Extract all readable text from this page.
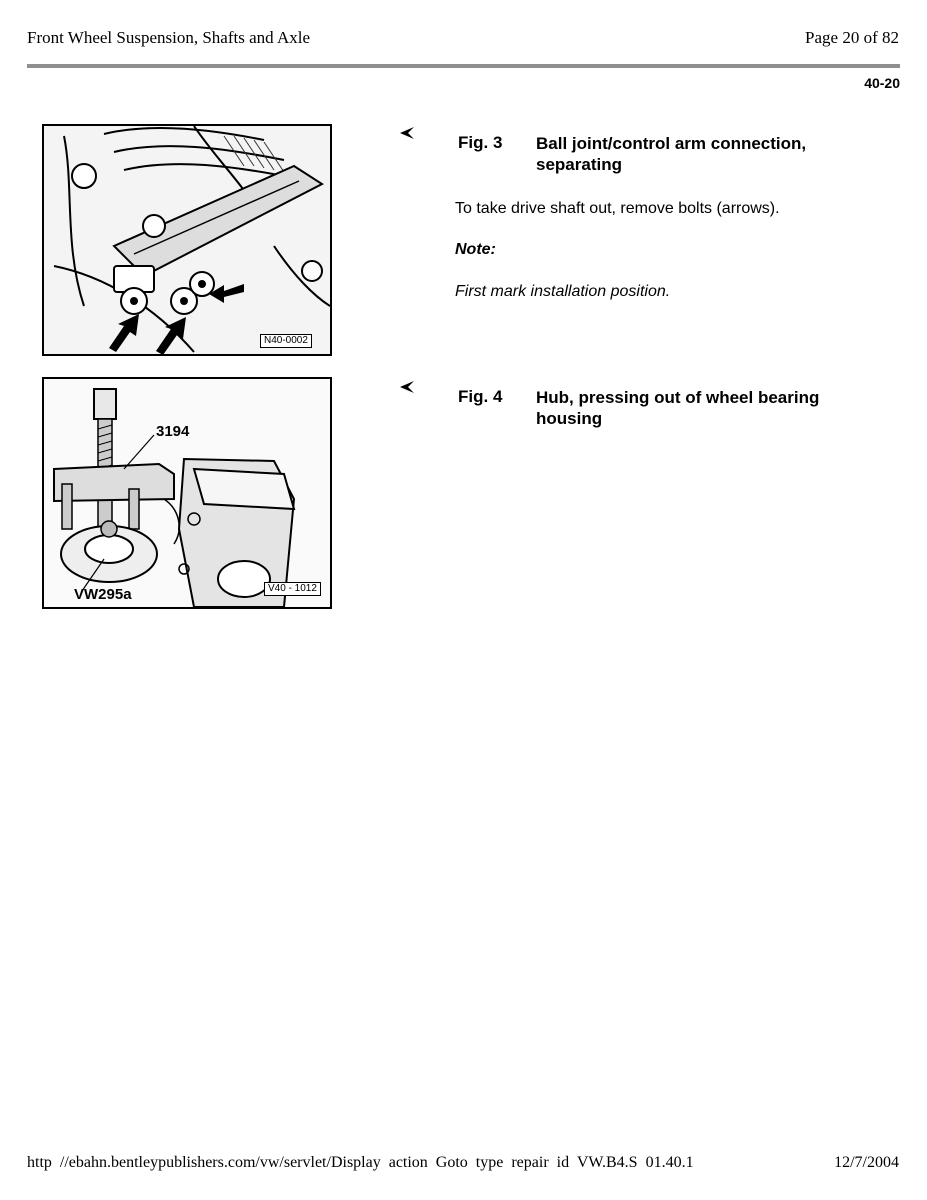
Front Wheel Suspension, Shafts and Axle	Page 20 of 82
40-20
N40-0002
Fig. 3 Ball joint/control arm connection, separating
To take drive shaft out, remove bolts (arrows).
Note:
First mark installation position.
3194
VW295a	V40 - 1012
Fig. 4 Hub, pressing out of wheel bearing housing
http //ebahn.bentleypublishers.com/vw/servlet/Display action Goto type repair id VW.B4.S 01.40.1	12/7/2004
